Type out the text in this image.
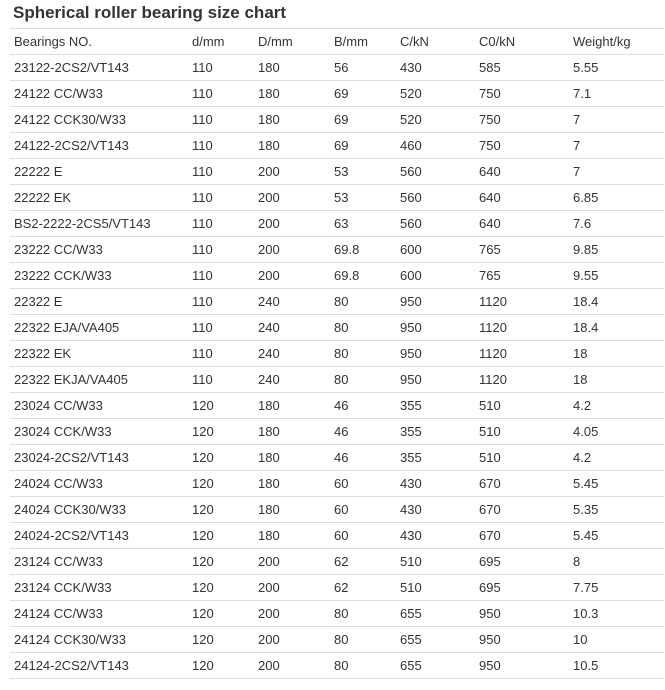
Spherical roller bearing size chart
Bearings NO.	d/mm	D/mm	B/mm	C/kN	C0/kN	Weight/kg
23122-2CS2/VT143	110	180	56	430	585	5.55
24122 CC/W33	110	180	69	520	750	7.1
24122 CCK30/W33	110	180	69	520	750	7
24122-2CS2/VT143	110	180	69	460	750	7
22222 E	110	200	53	560	640	7
22222 EK	110	200	53	560	640	6.85
BS2-2222-2CS5/VT143	110	200	63	560	640	7.6
23222 CC/W33	110	200	69.8	600	765	9.85
23222 CCK/W33	110	200	69.8	600	765	9.55
22322 E	110	240	80	950	1120	18.4
22322 EJA/VA405	110	240	80	950	1120	18.4
22322 EK	110	240	80	950	1120	18
22322 EKJA/VA405	110	240	80	950	1120	18
23024 CC/W33	120	180	46	355	510	4.2
23024 CCK/W33	120	180	46	355	510	4.05
23024-2CS2/VT143	120	180	46	355	510	4.2
24024 CC/W33	120	180	60	430	670	5.45
24024 CCK30/W33	120	180	60	430	670	5.35
24024-2CS2/VT143	120	180	60	430	670	5.45
23124 CC/W33	120	200	62	510	695	8
23124 CCK/W33	120	200	62	510	695	7.75
24124 CC/W33	120	200	80	655	950	10.3
24124 CCK30/W33	120	200	80	655	950	10
24124-2CS2/VT143	120	200	80	655	950	10.5
